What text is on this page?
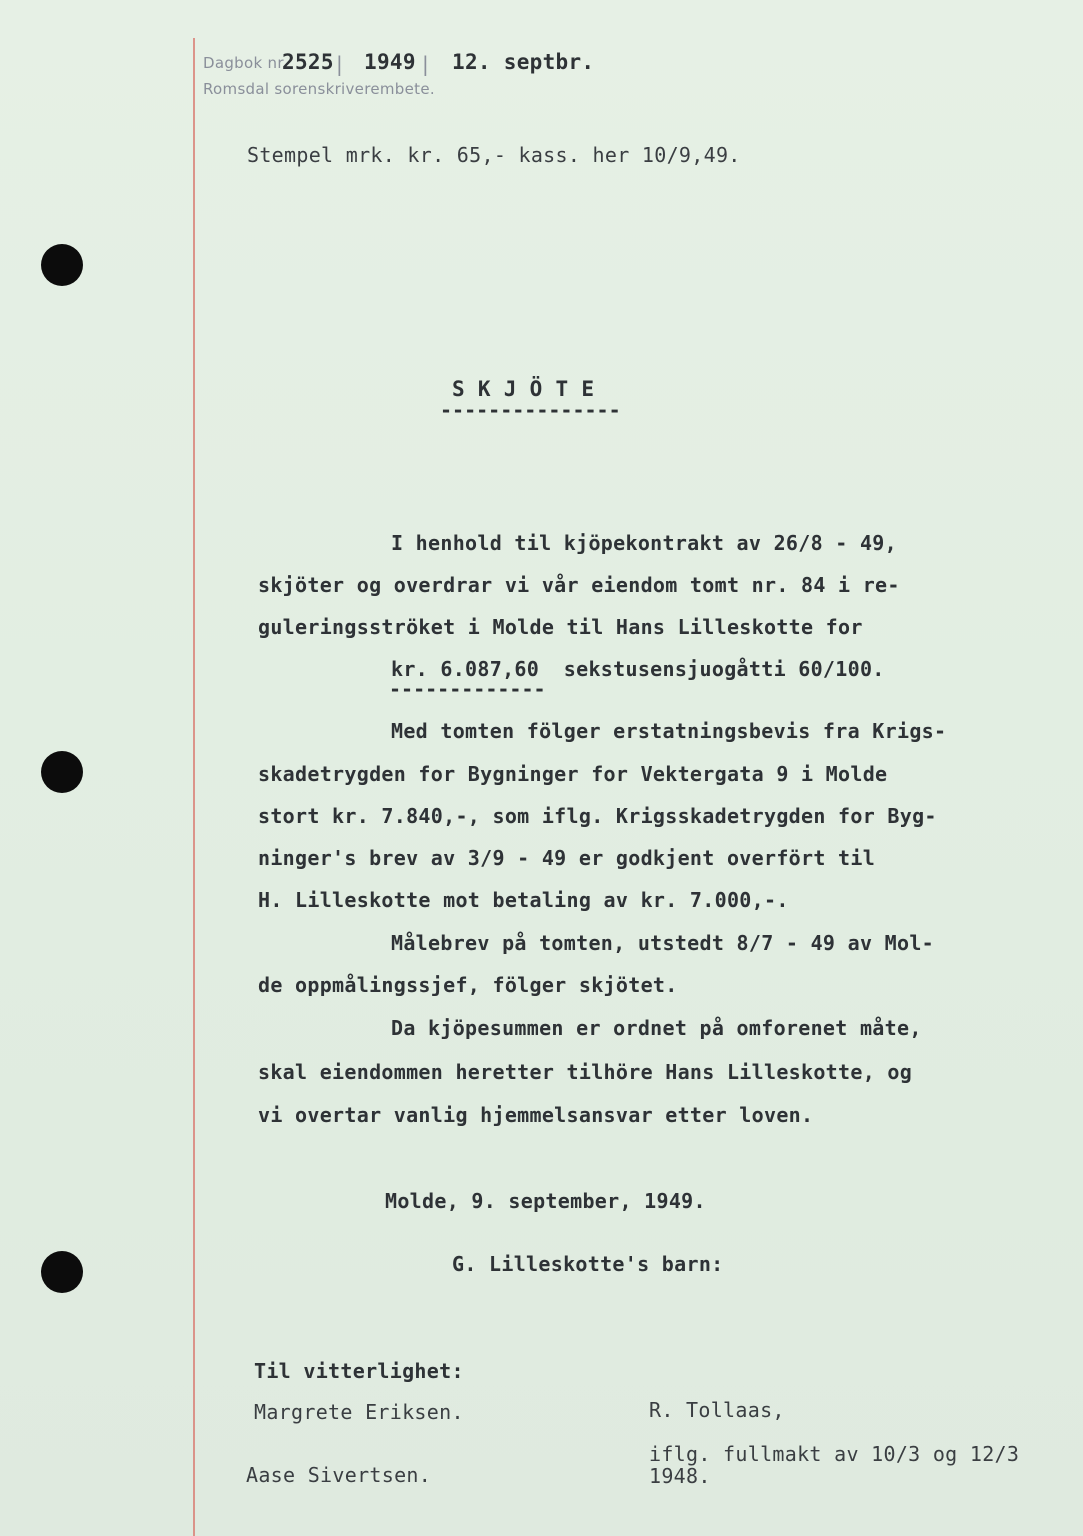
Dagbok nr.
2525 | 1949 | 12. septbr.
Romsdal sorenskriverembete.
Stempel mrk. kr. 65,- kass. her 10/9,49.
S K J Ö T E
---------------
I henhold til kjöpekontrakt av 26/8 - 49,
skjöter og overdrar vi vår eiendom tomt nr. 84 i re-
guleringsströket i Molde til Hans Lilleskotte for
kr. 6.087,60  sekstusensjuogåtti 60/100.
-------------
Med tomten fölger erstatningsbevis fra Krigs-
skadetrygden for Bygninger for Vektergata 9 i Molde
stort kr. 7.840,-, som iflg. Krigsskadetrygden for Byg-
ninger's brev av 3/9 - 49 er godkjent overfört til
H. Lilleskotte mot betaling av kr. 7.000,-.
Målebrev på tomten, utstedt 8/7 - 49 av Mol-
de oppmålingssjef, fölger skjötet.
Da kjöpesummen er ordnet på omforenet måte,
skal eiendommen heretter tilhöre Hans Lilleskotte, og
vi overtar vanlig hjemmelsansvar etter loven.
Molde, 9. september, 1949.
G. Lilleskotte's barn:
Til vitterlighet:
Margrete Eriksen.
Aase Sivertsen.
R. Tollaas,
iflg. fullmakt av 10/3 og 12/3
1948.
